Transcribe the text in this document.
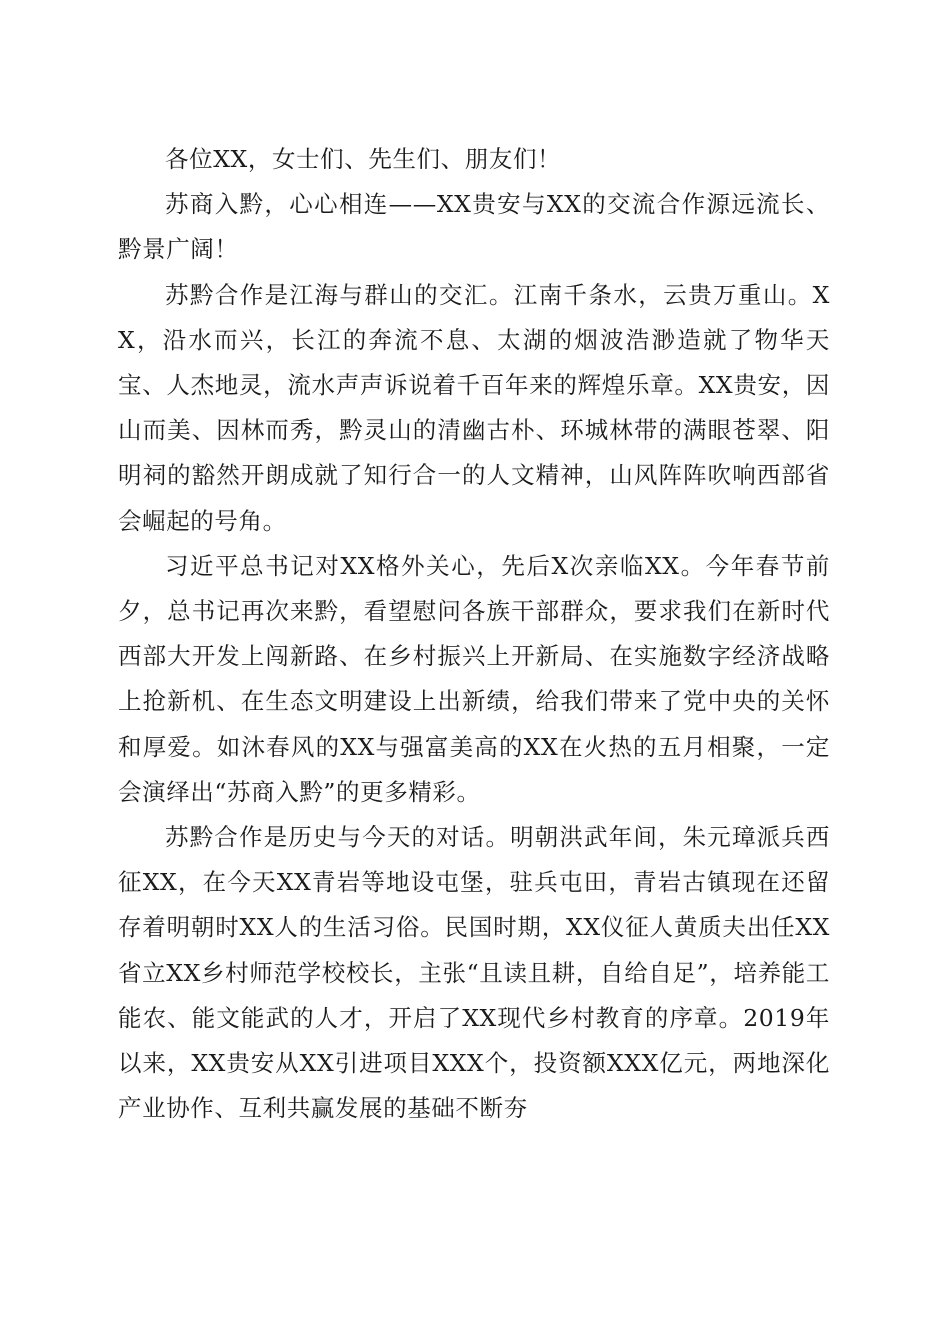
各位XX，女士们、先生们、朋友们！

苏商入黔，心心相连——XX贵安与XX的交流合作源远流长、黔景广阔！

苏黔合作是江海与群山的交汇。江南千条水，云贵万重山。XX，沿水而兴，长江的奔流不息、太湖的烟波浩渺造就了物华天宝、人杰地灵，流水声声诉说着千百年来的辉煌乐章。XX贵安，因山而美、因林而秀，黔灵山的清幽古朴、环城林带的满眼苍翠、阳明祠的豁然开朗成就了知行合一的人文精神，山风阵阵吹响西部省会崛起的号角。

习近平总书记对XX格外关心，先后X次亲临XX。今年春节前夕，总书记再次来黔，看望慰问各族干部群众，要求我们在新时代西部大开发上闯新路、在乡村振兴上开新局、在实施数字经济战略上抢新机、在生态文明建设上出新绩，给我们带来了党中央的关怀和厚爱。如沐春风的XX与强富美高的XX在火热的五月相聚，一定会演绎出“苏商入黔”的更多精彩。

苏黔合作是历史与今天的对话。明朝洪武年间，朱元璋派兵西征XX，在今天XX青岩等地设屯堡，驻兵屯田，青岩古镇现在还留存着明朝时XX人的生活习俗。民国时期，XX仪征人黄质夫出任XX省立XX乡村师范学校校长，主张“且读且耕，自给自足”，培养能工能农、能文能武的人才，开启了XX现代乡村教育的序章。2019年以来，XX贵安从XX引进项目XXX个，投资额XXX亿元，两地深化产业协作、互利共赢发展的基础不断夯
